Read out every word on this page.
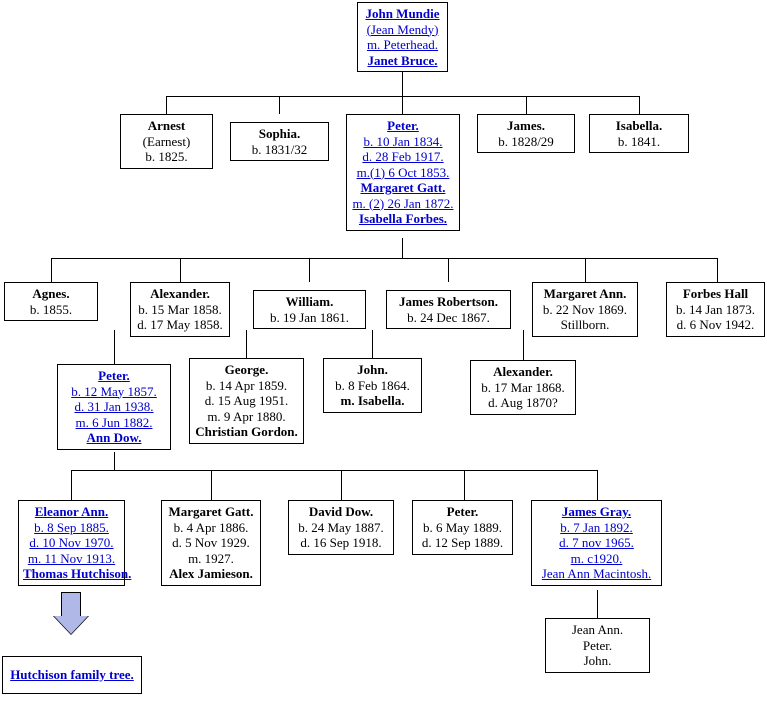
John Mundie
(Jean Mendy)
m. Peterhead.
Janet Bruce.
Arnest
(Earnest)
b. 1825.
Sophia.
b. 1831/32
Peter.
b. 10 Jan 1834.
d. 28 Feb 1917.
m.(1) 6 Oct 1853.
Margaret Gatt.
m. (2) 26 Jan 1872.
Isabella Forbes.
James.
b. 1828/29
Isabella.
b. 1841.
Agnes.
b. 1855.
Alexander.
b. 15 Mar 1858.
d. 17 May 1858.
William.
b. 19 Jan 1861.
James Robertson.
b. 24 Dec 1867.
Margaret Ann.
b. 22 Nov 1869.
Stillborn.
Forbes Hall
b. 14 Jan 1873.
d. 6 Nov 1942.
Peter.
b. 12 May 1857.
d. 31 Jan 1938.
m. 6 Jun 1882.
Ann Dow.
George.
b. 14 Apr 1859.
d. 15 Aug 1951.
m. 9 Apr 1880.
Christian Gordon.
John.
b. 8 Feb 1864.
m. Isabella.
Alexander.
b. 17 Mar 1868.
d. Aug 1870?
Eleanor Ann.
b. 8 Sep 1885.
d. 10 Nov 1970.
m. 11 Nov 1913.
Thomas Hutchison.
Margaret Gatt.
b. 4 Apr 1886.
d. 5 Nov 1929.
m. 1927.
Alex Jamieson.
David Dow.
b. 24 May 1887.
d. 16 Sep 1918.
Peter.
b. 6 May 1889.
d. 12 Sep 1889.
James Gray.
b. 7 Jan 1892.
d. 7 nov 1965.
m. c1920.
Jean Ann Macintosh.
Jean Ann.
Peter.
John.
Hutchison family tree.
